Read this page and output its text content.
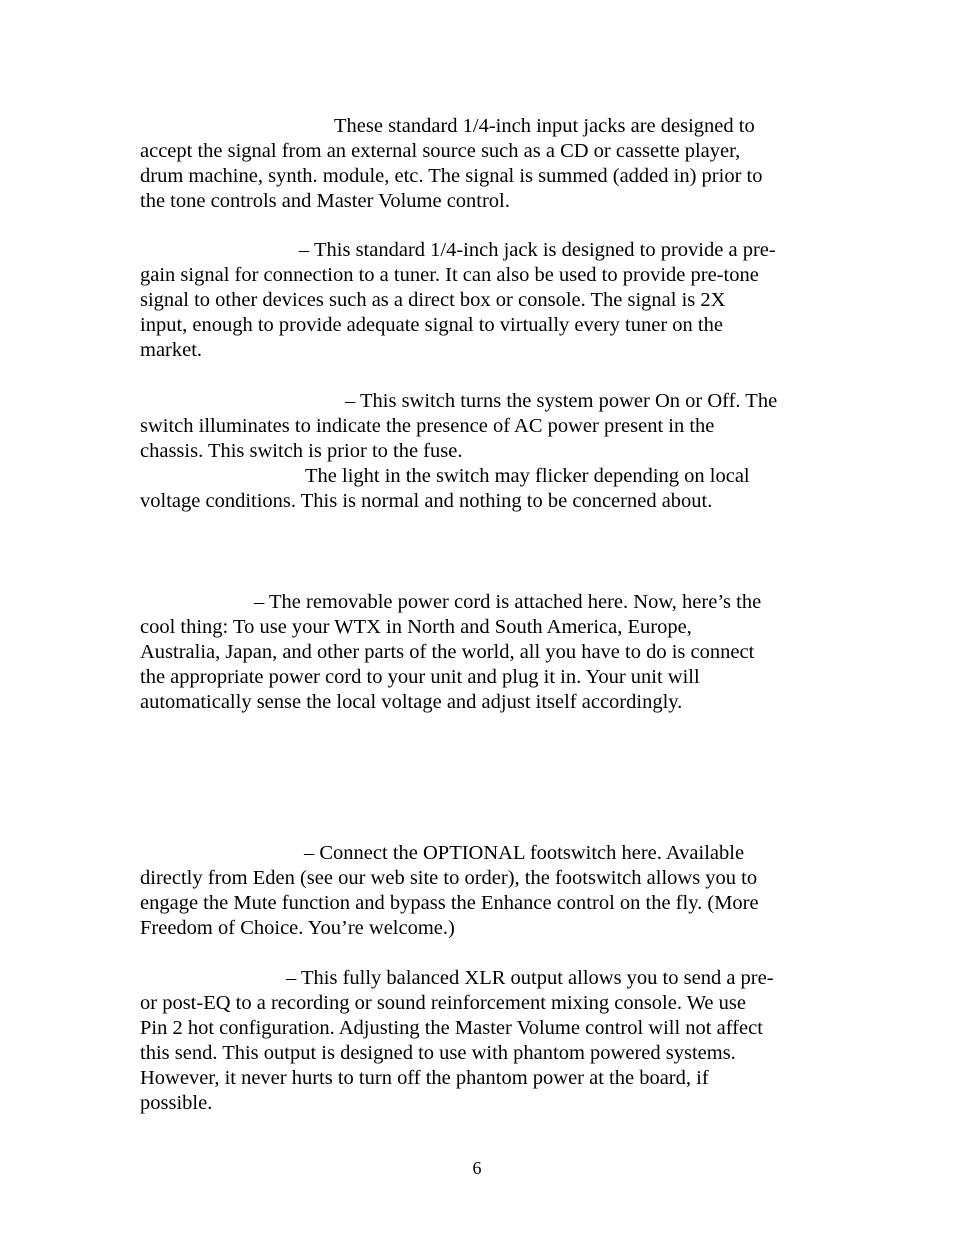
These standard 1/4-inch input jacks are designed to
accept the signal from an external source such as a CD or cassette player,
drum machine, synth. module, etc. The signal is summed (added in) prior to
the tone controls and Master Volume control.
– This standard 1/4-inch jack is designed to provide a pre-
gain signal for connection to a tuner. It can also be used to provide pre-tone
signal to other devices such as a direct box or console. The signal is 2X
input, enough to provide adequate signal to virtually every tuner on the
market.
– This switch turns the system power On or Off. The
switch illuminates to indicate the presence of AC power present in the
chassis. This switch is prior to the fuse.
The light in the switch may flicker depending on local
voltage conditions. This is normal and nothing to be concerned about.
– The removable power cord is attached here. Now, here’s the
cool thing: To use your WTX in North and South America, Europe,
Australia, Japan, and other parts of the world, all you have to do is connect
the appropriate power cord to your unit and plug it in. Your unit will
automatically sense the local voltage and adjust itself accordingly.
– Connect the OPTIONAL footswitch here. Available
directly from Eden (see our web site to order), the footswitch allows you to
engage the Mute function and bypass the Enhance control on the fly. (More
Freedom of Choice. You’re welcome.)
– This fully balanced XLR output allows you to send a pre-
or post-EQ to a recording or sound reinforcement mixing console. We use
Pin 2 hot configuration. Adjusting the Master Volume control will not affect
this send. This output is designed to use with phantom powered systems.
However, it never hurts to turn off the phantom power at the board, if
possible.
6
